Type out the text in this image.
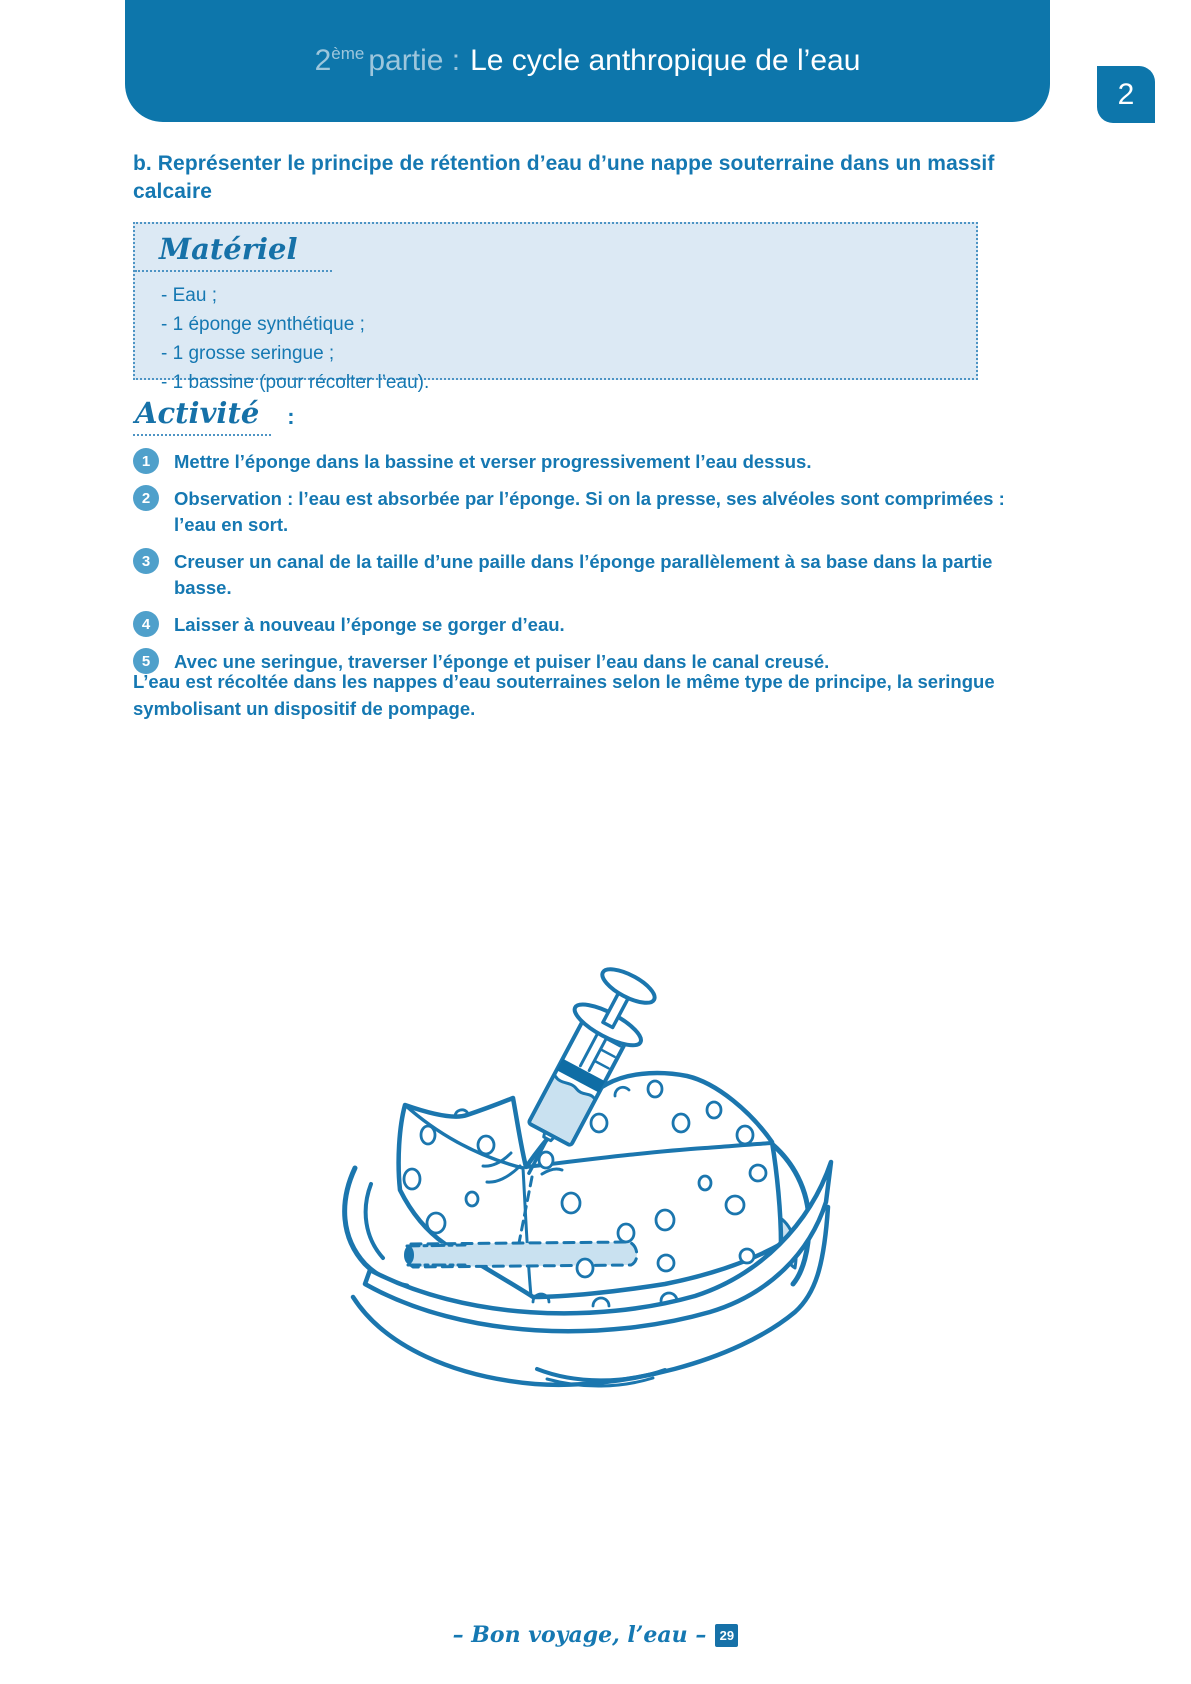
2ème partie : Le cycle anthropique de l’eau
2
b. Représenter le principe de rétention d’eau d’une nappe souterraine dans un massif calcaire
Matériel
- Eau ;
- 1 éponge synthétique ;
- 1 grosse seringue ;
- 1 bassine (pour récolter l’eau).
Activité	:
1	Mettre l’éponge dans la bassine et verser progressivement l’eau dessus.
2	Observation : l’eau est absorbée par l’éponge. Si on la presse, ses alvéoles sont comprimées : l’eau en sort.
3	Creuser un canal de la taille d’une paille dans l’éponge parallèlement à sa base dans la partie basse.
4	Laisser à nouveau l’éponge se gorger d’eau.
5	Avec une seringue, traverser l’éponge et puiser l’eau dans le canal creusé.
L’eau est récoltée dans les nappes d’eau souterraines selon le même type de principe, la seringue symbolisant un dispositif de pompage.
– Bon voyage, l’eau –	29
